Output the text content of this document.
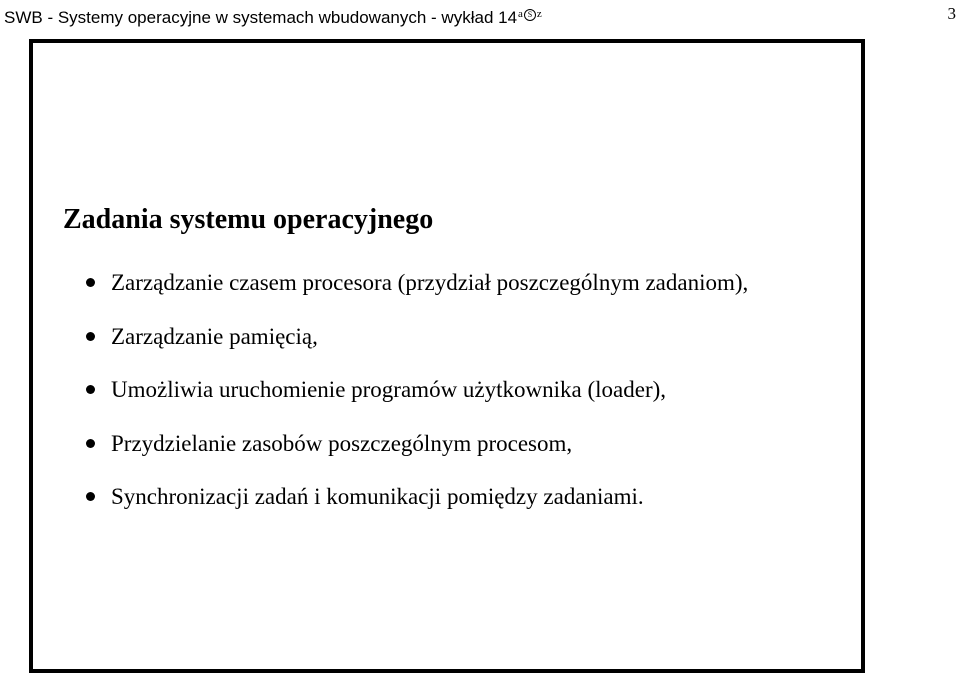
SWB - Systemy operacyjne w systemach wbudowanych - wykład $14^{a S z}$	3
Zadania systemu operacyjnego
Zarządzanie czasem procesora (przydział poszczególnym zadaniom),
Zarządzanie pamięcią,
Umożliwia uruchomienie programów użytkownika (loader),
Przydzielanie zasobów poszczególnym procesom,
Synchronizacji zadań i komunikacji pomiędzy zadaniami.
